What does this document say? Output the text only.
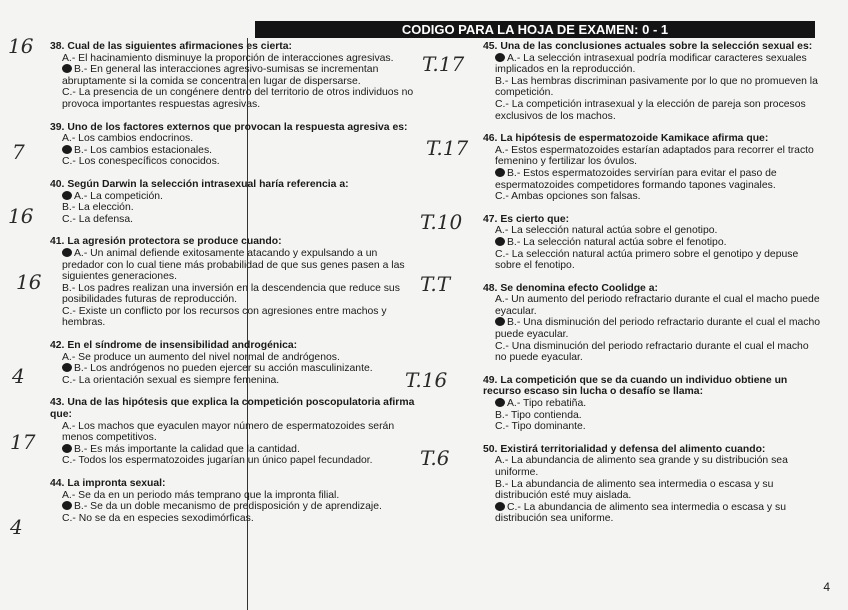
CODIGO PARA LA HOJA DE EXAMEN: 0 - 1
16
7
16
16
4
17
4
T.17
T.17
T.10
T.T
T.6
T.16
38. Cual de las siguientes afirmaciones es cierta:
A.- El hacinamiento disminuye la proporción de interacciones agresivas.
B.- En general las interacciones agresivo-sumisas se incrementan abruptamente si la comida se concentra en lugar de dispersarse.
C.- La presencia de un congénere dentro del territorio de otros individuos no provoca importantes respuestas agresivas.
39. Uno de los factores externos que provocan la respuesta agresiva es:
A.- Los cambios endocrinos.
B.- Los cambios estacionales.
C.- Los conespecíficos conocidos.
40. Según Darwin la selección intrasexual haría referencia a:
A.- La competición.
B.- La elección.
C.- La defensa.
41. La agresión protectora se produce cuando:
A.- Un animal defiende exitosamente atacando y expulsando a un predador con lo cual tiene más probabilidad de que sus genes pasen a las siguientes generaciones.
B.- Los padres realizan una inversión en la descendencia que reduce sus posibilidades futuras de reproducción.
C.- Existe un conflicto por los recursos con agresiones entre machos y hembras.
42. En el síndrome de insensibilidad androgénica:
A.- Se produce un aumento del nivel normal de andrógenos.
B.- Los andrógenos no pueden ejercer su acción masculinizante.
C.- La orientación sexual es siempre femenina.
43. Una de las hipótesis que explica la competición poscopulatoria afirma que:
A.- Los machos que eyaculen mayor número de espermatozoides serán menos competitivos.
B.- Es más importante la calidad que la cantidad.
C.- Todos los espermatozoides jugarían un único papel fecundador.
44. La impronta sexual:
A.- Se da en un periodo más temprano que la impronta filial.
B.- Se da un doble mecanismo de predisposición y de aprendizaje.
C.- No se da en especies sexodimórficas.
45. Una de las conclusiones actuales sobre la selección sexual es:
A.- La selección intrasexual podría modificar caracteres sexuales implicados en la reproducción.
B.- Las hembras discriminan pasivamente por lo que no promueven la competición.
C.- La competición intrasexual y la elección de pareja son procesos exclusivos de los machos.
46. La hipótesis de espermatozoide Kamikace afirma que:
A.- Estos espermatozoides estarían adaptados para recorrer el tracto femenino y fertilizar los óvulos.
B.- Estos espermatozoides servirían para evitar el paso de espermatozoides competidores formando tapones vaginales.
C.- Ambas opciones son falsas.
47. Es cierto que:
A.- La selección natural actúa sobre el genotipo.
B.- La selección natural actúa sobre el fenotipo.
C.- La selección natural actúa primero sobre el genotipo y depuse sobre el fenotipo.
48. Se denomina efecto Coolidge a:
A.- Un aumento del periodo refractario durante el cual el macho puede eyacular.
B.- Una disminución del periodo refractario durante el cual el macho puede eyacular.
C.- Una disminución del periodo refractario durante el cual el macho no puede eyacular.
49. La competición que se da cuando un individuo obtiene un recurso escaso sin lucha o desafío se llama:
A.- Tipo rebatiña.
B.- Tipo contienda.
C.- Tipo dominante.
50. Existirá territorialidad y defensa del alimento cuando:
A.- La abundancia de alimento sea grande y su distribución sea uniforme.
B.- La abundancia de alimento sea intermedia o escasa y su distribución esté muy aislada.
C.- La abundancia de alimento sea intermedia o escasa y su distribución sea uniforme.
4
